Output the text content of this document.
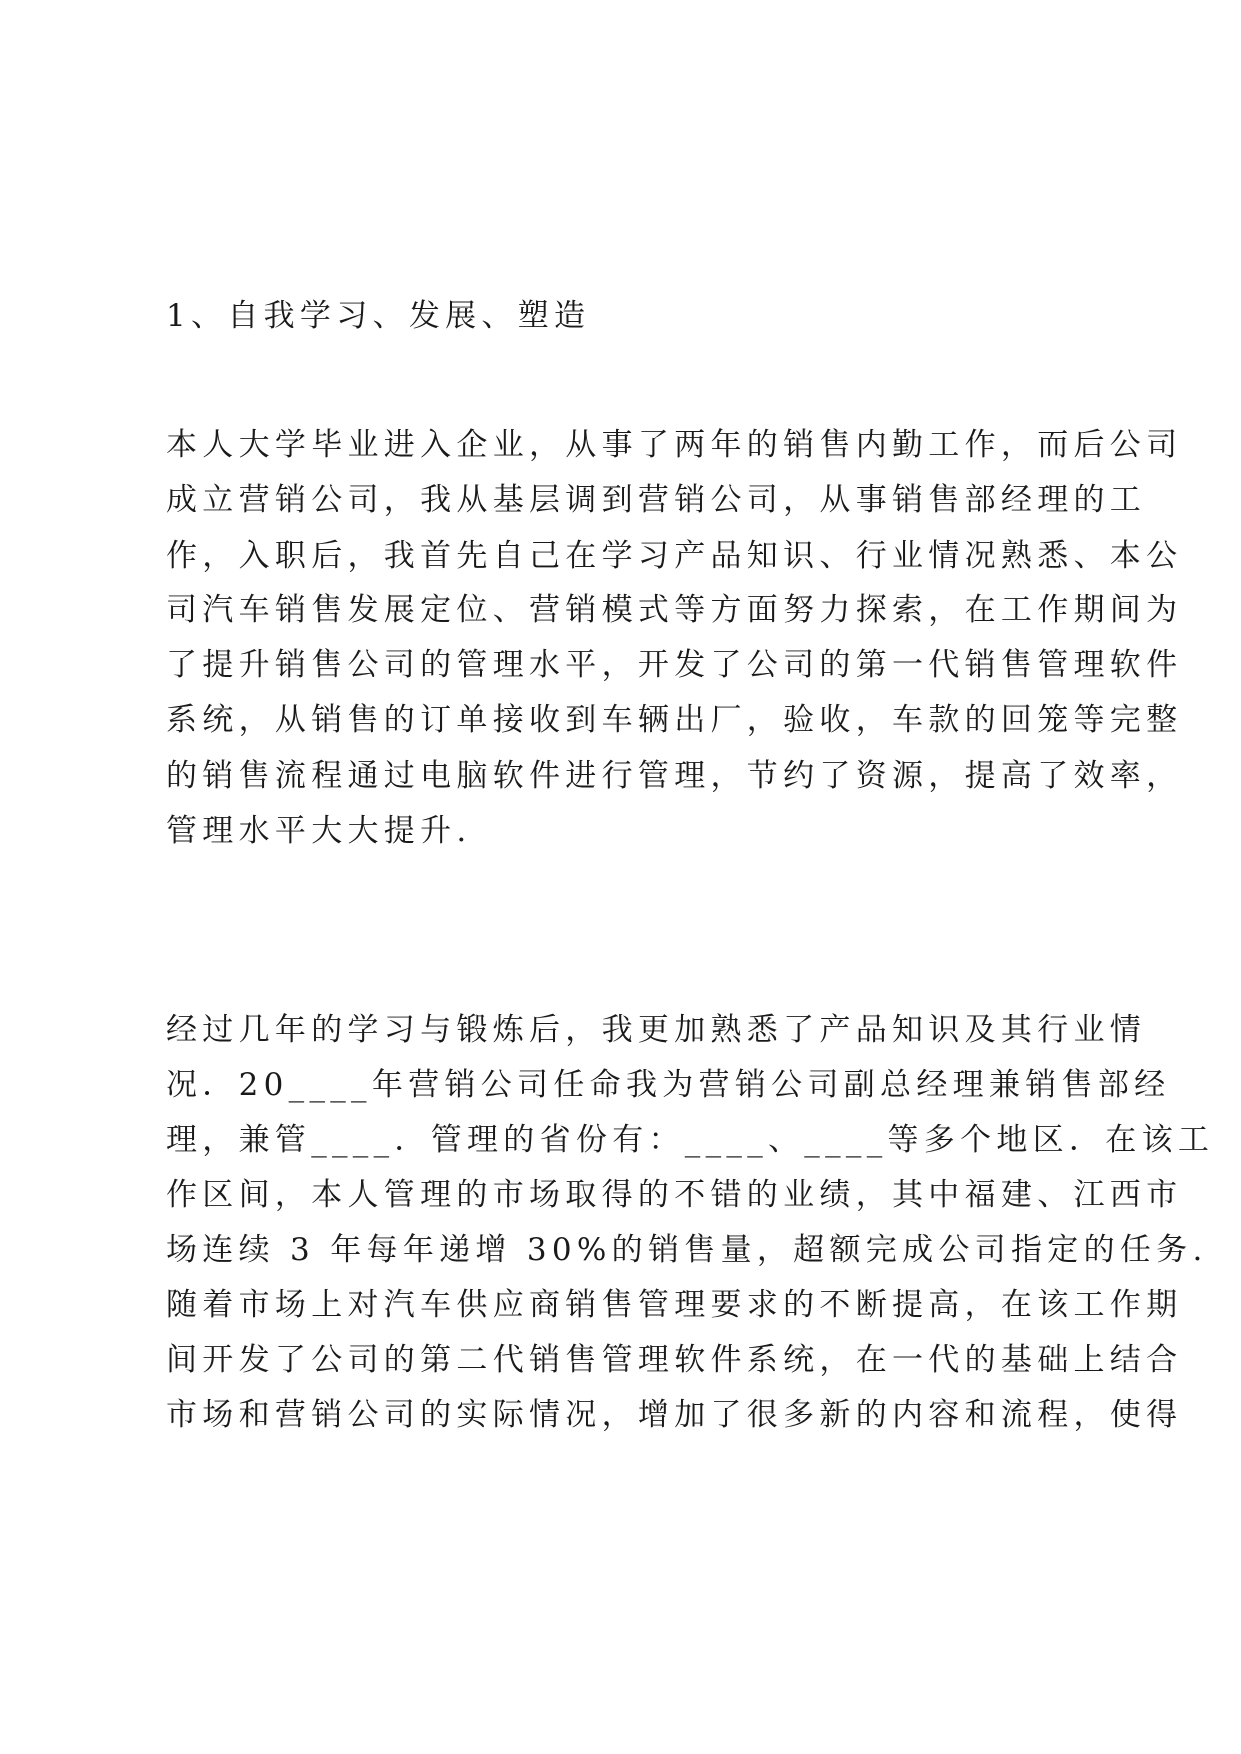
1、自我学习、发展、塑造
本人大学毕业进入企业，从事了两年的销售内勤工作，而后公司
成立营销公司，我从基层调到营销公司，从事销售部经理的工
作，入职后，我首先自己在学习产品知识、行业情况熟悉、本公
司汽车销售发展定位、营销模式等方面努力探索，在工作期间为
了提升销售公司的管理水平，开发了公司的第一代销售管理软件
系统，从销售的订单接收到车辆出厂，验收，车款的回笼等完整
的销售流程通过电脑软件进行管理，节约了资源，提高了效率，
管理水平大大提升.
经过几年的学习与锻炼后，我更加熟悉了产品知识及其行业情
况．20____年营销公司任命我为营销公司副总经理兼销售部经
理，兼管____．管理的省份有：____、____等多个地区．在该工
作区间，本人管理的市场取得的不错的业绩，其中福建、江西市
场连续 3 年每年递增 30%的销售量，超额完成公司指定的任务.
随着市场上对汽车供应商销售管理要求的不断提高，在该工作期
间开发了公司的第二代销售管理软件系统，在一代的基础上结合
市场和营销公司的实际情况，增加了很多新的内容和流程，使得
